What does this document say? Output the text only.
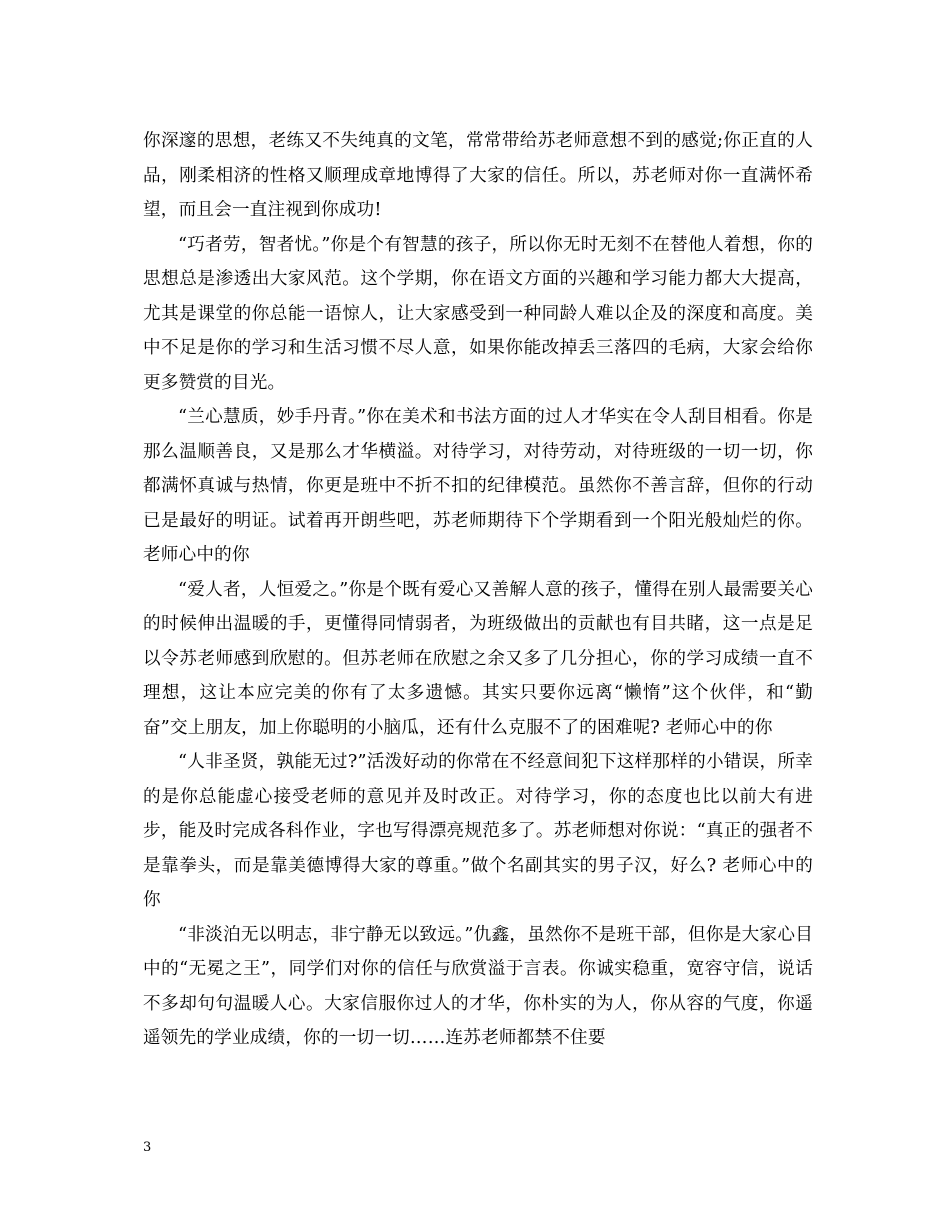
你深邃的思想，老练又不失纯真的文笔，常常带给苏老师意想不到的感觉;你正直的人品，刚柔相济的性格又顺理成章地博得了大家的信任。所以，苏老师对你一直满怀希望，而且会一直注视到你成功!

“巧者劳，智者忧。”你是个有智慧的孩子，所以你无时无刻不在替他人着想，你的思想总是渗透出大家风范。这个学期，你在语文方面的兴趣和学习能力都大大提高，尤其是课堂的你总能一语惊人，让大家感受到一种同龄人难以企及的深度和高度。美中不足是你的学习和生活习惯不尽人意，如果你能改掉丢三落四的毛病，大家会给你更多赞赏的目光。

“兰心慧质，妙手丹青。”你在美术和书法方面的过人才华实在令人刮目相看。你是那么温顺善良，又是那么才华横溢。对待学习，对待劳动，对待班级的一切一切，你都满怀真诚与热情，你更是班中不折不扣的纪律模范。虽然你不善言辞，但你的行动已是最好的明证。试着再开朗些吧，苏老师期待下个学期看到一个阳光般灿烂的你。 老师心中的你

“爱人者，人恒爱之。”你是个既有爱心又善解人意的孩子，懂得在别人最需要关心的时候伸出温暖的手，更懂得同情弱者，为班级做出的贡献也有目共睹，这一点是足以令苏老师感到欣慰的。但苏老师在欣慰之余又多了几分担心，你的学习成绩一直不理想，这让本应完美的你有了太多遗憾。其实只要你远离“懒惰”这个伙伴，和“勤奋”交上朋友，加上你聪明的小脑瓜，还有什么克服不了的困难呢? 老师心中的你

“人非圣贤，孰能无过?”活泼好动的你常在不经意间犯下这样那样的小错误，所幸的是你总能虚心接受老师的意见并及时改正。对待学习，你的态度也比以前大有进步，能及时完成各科作业，字也写得漂亮规范多了。苏老师想对你说：“真正的强者不是靠拳头，而是靠美德博得大家的尊重。”做个名副其实的男子汉，好么? 老师心中的你

“非淡泊无以明志，非宁静无以致远。”仇鑫，虽然你不是班干部，但你是大家心目中的“无冕之王”，同学们对你的信任与欣赏溢于言表。你诚实稳重，宽容守信，说话不多却句句温暖人心。大家信服你过人的才华，你朴实的为人，你从容的气度，你遥遥领先的学业成绩，你的一切一切……连苏老师都禁不住要

3
